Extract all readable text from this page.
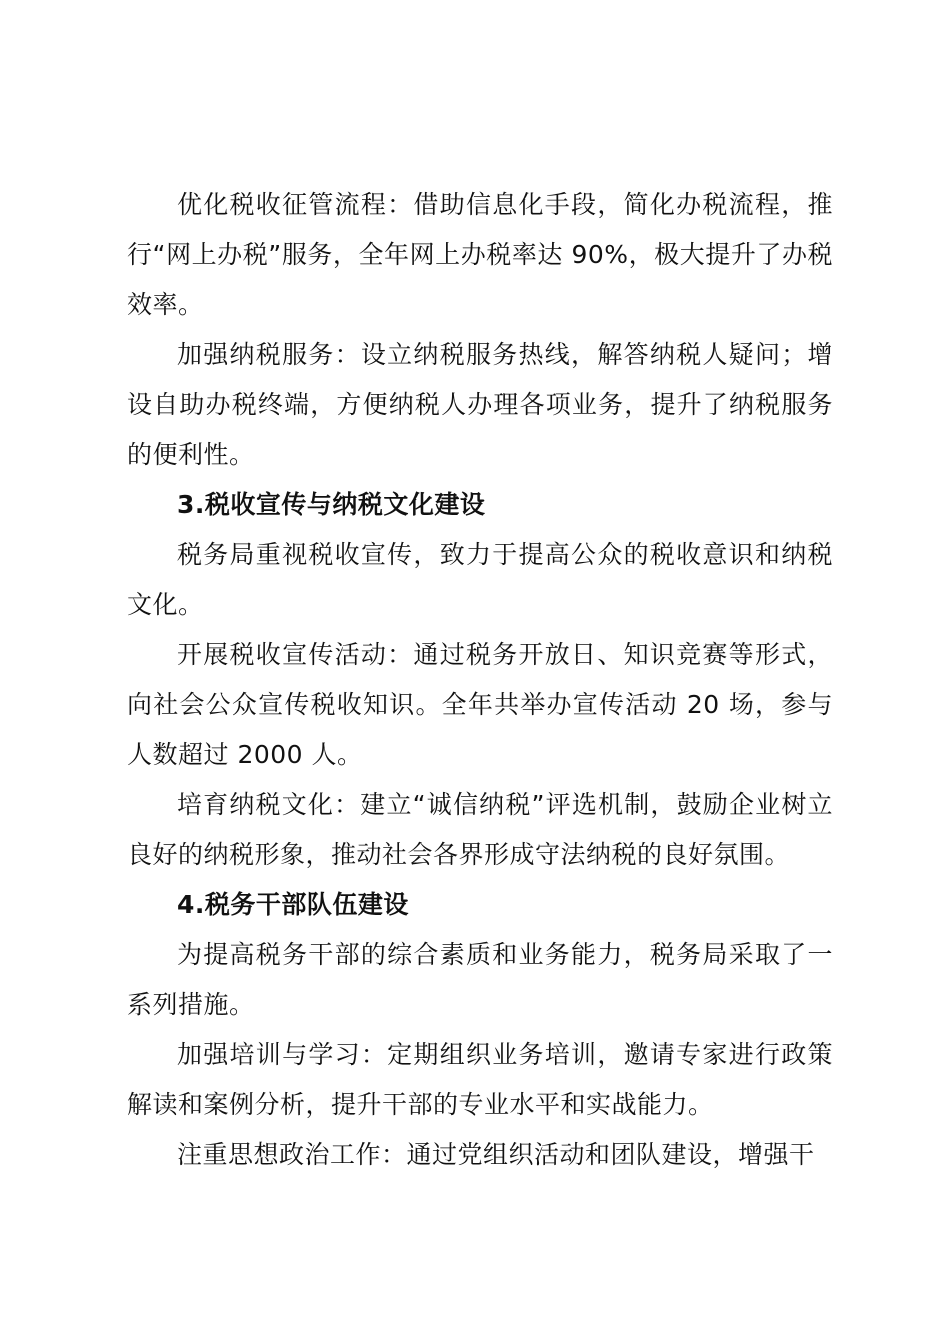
优化税收征管流程：借助信息化手段，简化办税流程，推行“网上办税”服务，全年网上办税率达 90%，极大提升了办税效率。

加强纳税服务：设立纳税服务热线，解答纳税人疑问；增设自助办税终端，方便纳税人办理各项业务，提升了纳税服务的便利性。

3.税收宣传与纳税文化建设

税务局重视税收宣传，致力于提高公众的税收意识和纳税文化。

开展税收宣传活动：通过税务开放日、知识竞赛等形式，向社会公众宣传税收知识。全年共举办宣传活动 20 场，参与人数超过 2000 人。

培育纳税文化：建立“诚信纳税”评选机制，鼓励企业树立良好的纳税形象，推动社会各界形成守法纳税的良好氛围。

4.税务干部队伍建设

为提高税务干部的综合素质和业务能力，税务局采取了一系列措施。

加强培训与学习：定期组织业务培训，邀请专家进行政策解读和案例分析，提升干部的专业水平和实战能力。

注重思想政治工作：通过党组织活动和团队建设，增强干
